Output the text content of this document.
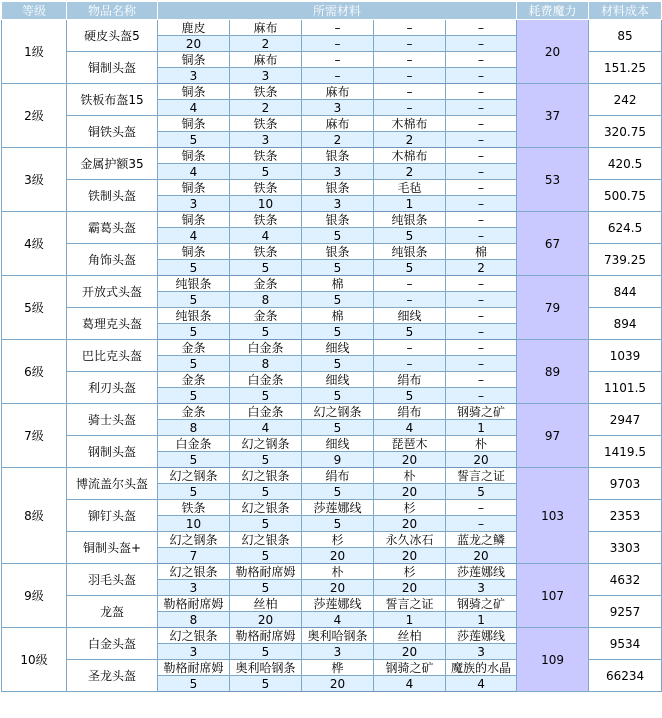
等级	物品名称	所需材料					耗费魔力	材料成本
1级	硬皮头盔5	鹿皮	麻布	–	–	–	20	85
		20	2	–	–	–		
	铜制头盔	铜条	麻布	–	–	–		151.25
		3	3	–	–	–		
2级	铁板布盔15	铜条	铁条	麻布	–	–	37	242
		4	2	3	–	–		
	铜铁头盔	铜条	铁条	麻布	木棉布	–		320.75
		5	3	2	2	–		
3级	金属护额35	铜条	铁条	银条	木棉布	–	53	420.5
		4	5	3	2	–		
	铁制头盔	铜条	铁条	银条	毛毡	–		500.75
		3	10	3	1	–		
4级	霸葛头盔	铜条	铁条	银条	纯银条	–	67	624.5
		4	4	5	5	–		
	角饰头盔	铜条	铁条	银条	纯银条	棉		739.25
		5	5	5	5	2		
5级	开放式头盔	纯银条	金条	棉	–	–	79	844
		5	8	5	–	–		
	葛理克头盔	纯银条	金条	棉	细线	–		894
		5	5	5	5	–		
6级	巴比克头盔	金条	白金条	细线	–	–	89	1039
		5	8	5	–	–		
	利刃头盔	金条	白金条	细线	绢布	–		1101.5
		5	5	5	5	–		
7级	骑士头盔	金条	白金条	幻之钢条	绢布	钢骑之矿	97	2947
		8	4	5	4	1		
	钢制头盔	白金条	幻之钢条	细线	琵琶木	朴		1419.5
		5	5	9	20	20		
8级	博流盖尔头盔	幻之钢条	幻之银条	绢布	朴	誓言之证	103	9703
		5	5	5	20	5		
	铆钉头盔	铁条	幻之银条	莎莲娜线	杉	–		2353
		10	5	5	20	–		
	铜制头盔+	幻之钢条	幻之银条	杉	永久冰石	蓝龙之鳞		3303
		7	5	20	20	20		
9级	羽毛头盔	幻之银条	勒格耐席姆	朴	杉	莎莲娜线	107	4632
		3	5	20	20	3		
	龙盔	勒格耐席姆	丝柏	莎莲娜线	誓言之证	钢骑之矿		9257
		8	20	4	1	1		
10级	白金头盔	幻之银条	勒格耐席姆	奥利哈钢条	丝柏	莎莲娜线	109	9534
		3	5	3	20	3		
	圣龙头盔	勒格耐席姆	奥利哈钢条	桦	钢骑之矿	魔族的水晶		66234
		5	5	20	4	4		
